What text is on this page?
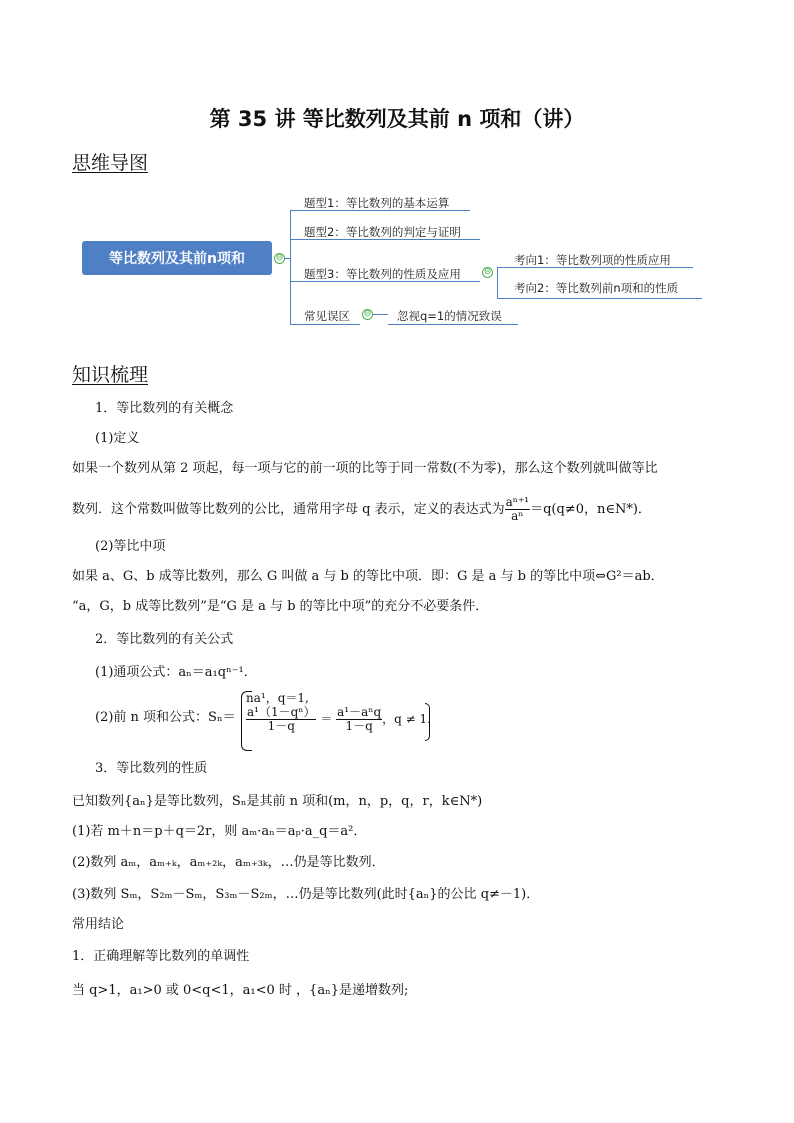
第 35 讲 等比数列及其前 n 项和（讲）
思维导图
等比数列及其前n项和	⊖
题型1：等比数列的基本运算
题型2：等比数列的判定与证明
题型3：等比数列的性质及应用	⊖
考向1：等比数列项的性质应用
考向2：等比数列前n项和的性质
常见误区 ⊖ 忽视q=1的情况致误
知识梳理
1．等比数列的有关概念
(1)定义
如果一个数列从第 2 项起，每一项与它的前一项的比等于同一常数(不为零)，那么这个数列就叫做等比
数列．这个常数叫做等比数列的公比，通常用字母 q 表示，定义的表达式为 $\frac{\text{aⁿ⁺¹}}{\text{aⁿ}} =q(q\ne 0$，n∈N*)．
(2)等比中项
如果 a、G、b 成等比数列，那么 G 叫做 a 与 b 的等比中项．即：G 是 a 与 b 的等比中项⇔G²＝ab．
“a，G，b 成等比数列”是“G 是 a 与 b 的等比中项”的充分不必要条件．
2．等比数列的有关公式
(1)通项公式：aₙ＝a₁qⁿ⁻¹．
(2)前 n 项和公式：Sₙ＝
na¹，q＝1,
$\frac{\text{a¹（1－qⁿ）}}{1-q} = \frac{\text{a¹－aⁿq}}{1-q}$ ，q ≠ 1.
3．等比数列的性质
已知数列{aₙ}是等比数列，Sₙ是其前 n 项和(m，n，p，q，r，k∈N*)
(1)若 m＋n＝p＋q＝2r，则 aₘ·aₙ＝aₚ·a_q＝a²．
(2)数列 aₘ，aₘ₊ₖ，aₘ₊₂ₖ，aₘ₊₃ₖ，…仍是等比数列．
(3)数列 Sₘ，S₂ₘ－Sₘ，S₃ₘ－S₂ₘ，…仍是等比数列(此时{aₙ}的公比 q≠－1)．
常用结论
1．正确理解等比数列的单调性
当 q>1，a₁>0 或 0<q<1，a₁<0 时 ，{aₙ}是递增数列;
